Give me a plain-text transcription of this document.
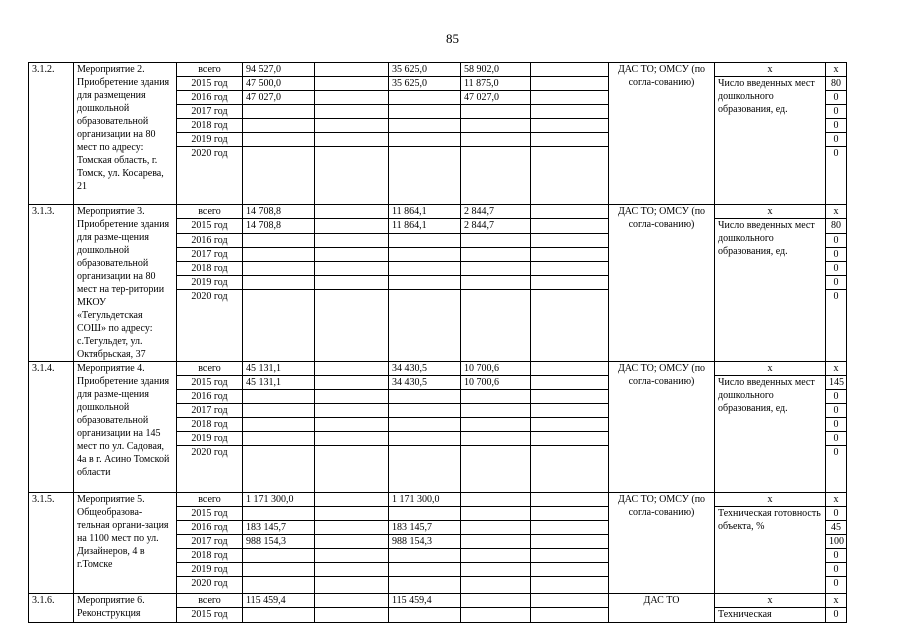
85
3.1.2.	Мероприятие 2. Приобретение здания для размещения дошкольной образовательной организации на 80 мест по адресу: Томская область, г. Томск, ул. Косарева, 21	всего	94 527,0		35 625,0	58 902,0		ДАС ТО; ОМСУ (по согла-сованию)	х	х
		2015 год	47 500,0		35 625,0	11 875,0			Число введенных мест дошкольного образования, ед.	80
		2016 год	47 027,0			47 027,0				0
		2017 год								0
		2018 год								0
		2019 год								0
		2020 год								0
3.1.3.	Мероприятие 3. Приобретение здания для разме-щения дошкольной образовательной организации на 80 мест на тер-ритории МКОУ «Тегульдетская СОШ» по адресу: с.Тегульдет, ул. Октябрьская, 37	всего	14 708,8		11 864,1	2 844,7		ДАС ТО; ОМСУ (по согла-сованию)	х	х
		2015 год	14 708,8		11 864,1	2 844,7			Число введенных мест дошкольного образования, ед.	80
		2016 год								0
		2017 год								0
		2018 год								0
		2019 год								0
		2020 год								0
3.1.4.	Мероприятие 4. Приобретение здания для разме-щения дошкольной образовательной организации на 145 мест по ул. Садовая, 4а в г. Асино Томской области	всего	45 131,1		34 430,5	10 700,6		ДАС ТО; ОМСУ (по согла-сованию)	х	х
		2015 год	45 131,1		34 430,5	10 700,6			Число введенных мест дошкольного образования, ед.	145
		2016 год								0
		2017 год								0
		2018 год								0
		2019 год								0
		2020 год								0
3.1.5.	Мероприятие 5. Общеобразова-тельная органи-зация на 1100 мест по ул. Дизайнеров, 4 в г.Томске	всего	1 171 300,0		1 171 300,0			ДАС ТО; ОМСУ (по согла-сованию)	х	х
		2015 год							Техническая готовность объекта, %	0
		2016 год	183 145,7		183 145,7					45
		2017 год	988 154,3		988 154,3					100
		2018 год								0
		2019 год								0
		2020 год								0
3.1.6.	Мероприятие 6. Реконструкция	всего	115 459,4		115 459,4			ДАС ТО	х	х
		2015 год							Техническая	0
